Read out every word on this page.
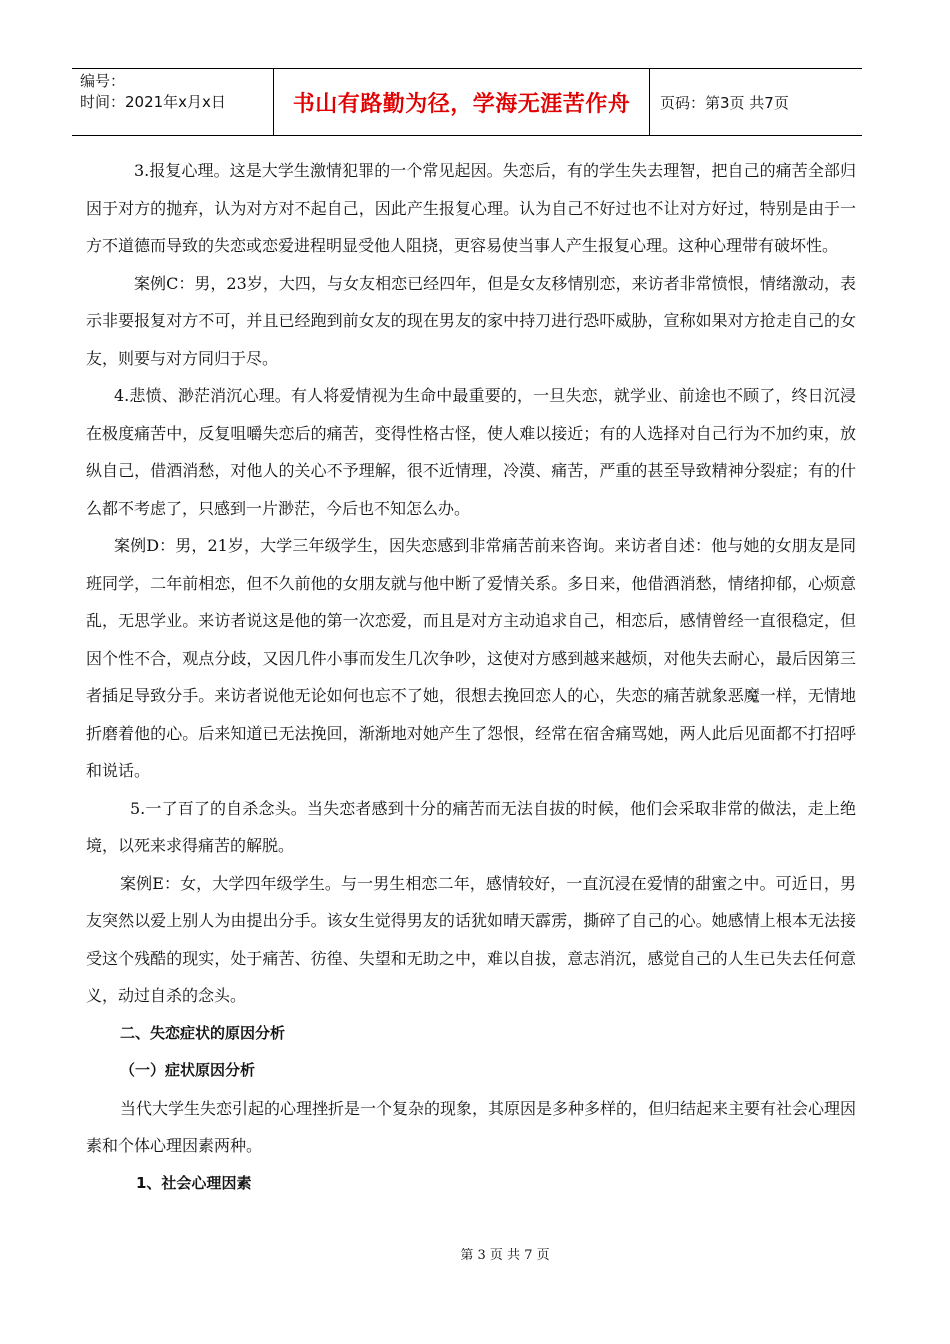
编号：
时间：2021年x月x日	书山有路勤为径，学海无涯苦作舟	页码：第3页 共7页

3.报复心理。这是大学生激情犯罪的一个常见起因。失恋后，有的学生失去理智，把自己的痛苦全部归因于对方的抛弃，认为对方对不起自己，因此产生报复心理。认为自己不好过也不让对方好过，特别是由于一方不道德而导致的失恋或恋爱进程明显受他人阻挠，更容易使当事人产生报复心理。这种心理带有破坏性。

案例C：男，23岁，大四，与女友相恋已经四年，但是女友移情别恋，来访者非常愤恨，情绪激动，表示非要报复对方不可，并且已经跑到前女友的现在男友的家中持刀进行恐吓威胁，宣称如果对方抢走自己的女友，则要与对方同归于尽。

4.悲愤、渺茫消沉心理。有人将爱情视为生命中最重要的，一旦失恋，就学业、前途也不顾了，终日沉浸在极度痛苦中，反复咀嚼失恋后的痛苦，变得性格古怪，使人难以接近；有的人选择对自己行为不加约束，放纵自己，借酒消愁，对他人的关心不予理解，很不近情理，冷漠、痛苦，严重的甚至导致精神分裂症；有的什么都不考虑了，只感到一片渺茫，今后也不知怎么办。

案例D：男，21岁，大学三年级学生，因失恋感到非常痛苦前来咨询。来访者自述：他与她的女朋友是同班同学，二年前相恋，但不久前他的女朋友就与他中断了爱情关系。多日来，他借酒消愁，情绪抑郁，心烦意乱，无思学业。来访者说这是他的第一次恋爱，而且是对方主动追求自己，相恋后，感情曾经一直很稳定，但因个性不合，观点分歧，又因几件小事而发生几次争吵，这使对方感到越来越烦，对他失去耐心，最后因第三者插足导致分手。来访者说他无论如何也忘不了她，很想去挽回恋人的心，失恋的痛苦就象恶魔一样，无情地折磨着他的心。后来知道已无法挽回，渐渐地对她产生了怨恨，经常在宿舍痛骂她，两人此后见面都不打招呼和说话。

5.一了百了的自杀念头。当失恋者感到十分的痛苦而无法自拔的时候，他们会采取非常的做法，走上绝境，以死来求得痛苦的解脱。

案例E：女，大学四年级学生。与一男生相恋二年，感情较好，一直沉浸在爱情的甜蜜之中。可近日，男友突然以爱上别人为由提出分手。该女生觉得男友的话犹如晴天霹雳，撕碎了自己的心。她感情上根本无法接受这个残酷的现实，处于痛苦、彷徨、失望和无助之中，难以自拔，意志消沉，感觉自己的人生已失去任何意义，动过自杀的念头。

二、失恋症状的原因分析

（一）症状原因分析

当代大学生失恋引起的心理挫折是一个复杂的现象，其原因是多种多样的，但归结起来主要有社会心理因素和个体心理因素两种。

1、社会心理因素

第 3 页 共 7 页
